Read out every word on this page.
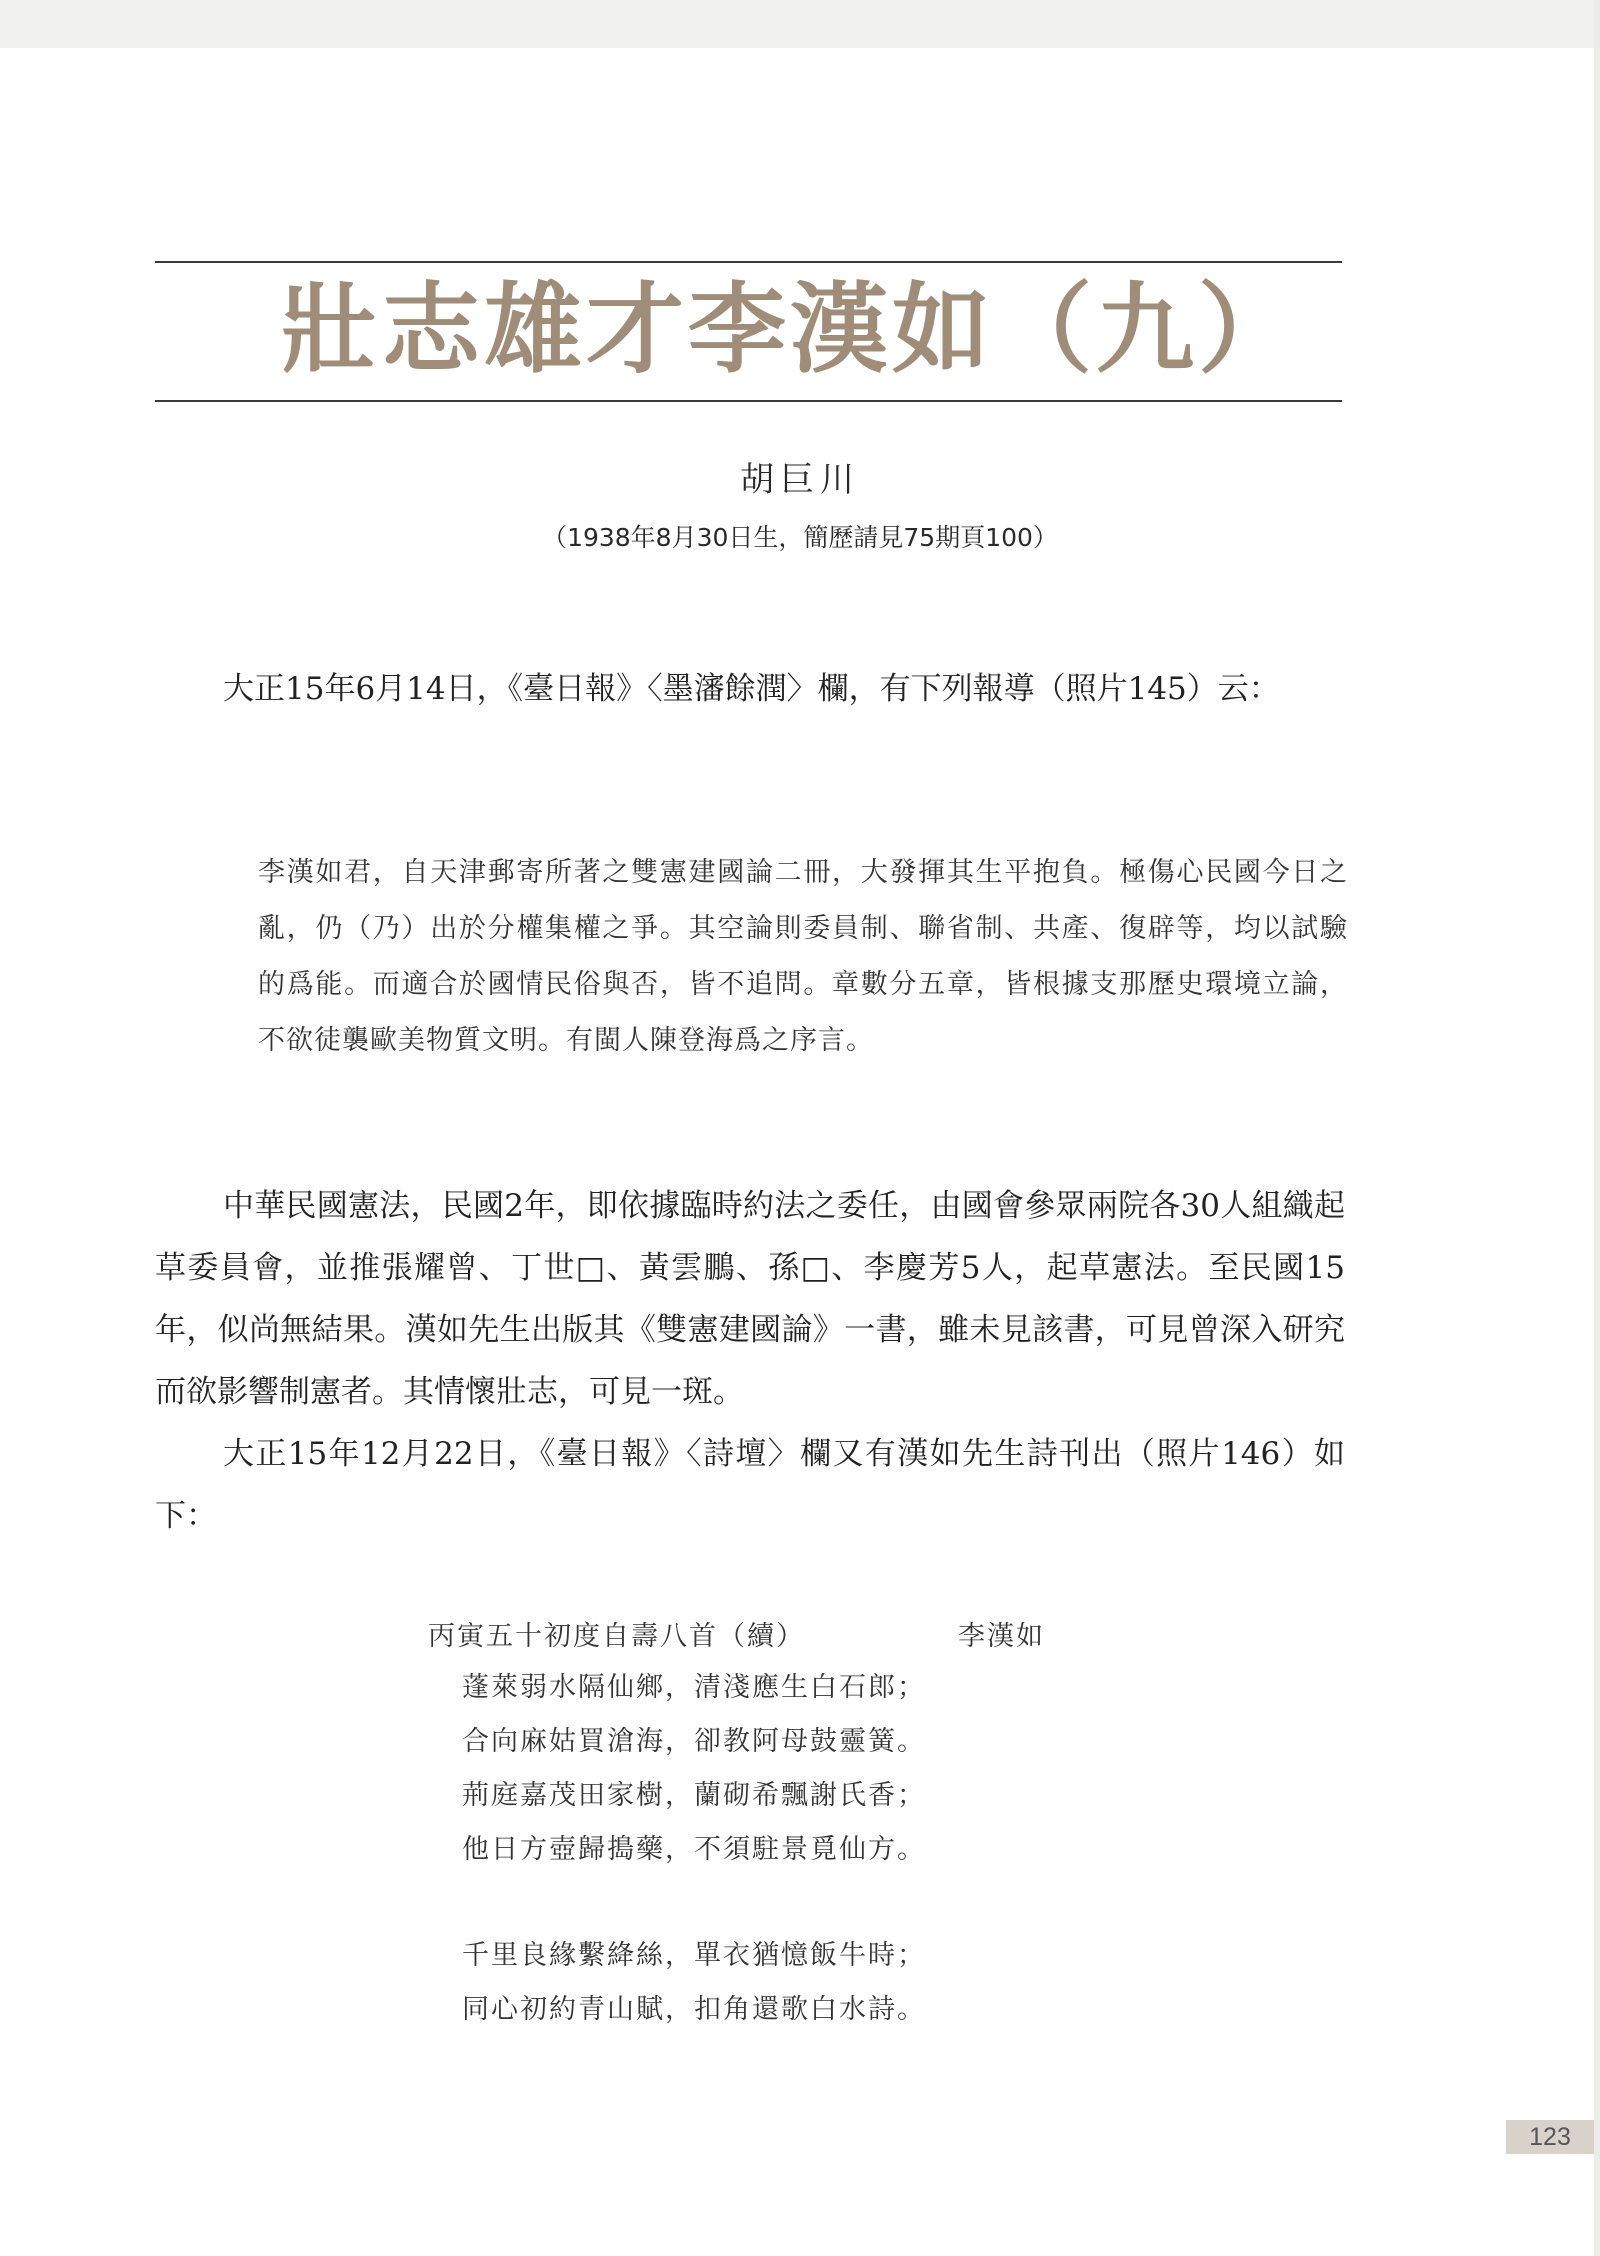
壯志雄才李漢如（九）
胡巨川
（1938年8月30日生，簡歷請見75期頁100）

大正15年6月14日，《臺日報》〈墨瀋餘潤〉欄，有下列報導（照片145）云：

李漢如君，自天津郵寄所著之雙憲建國論二冊，大發揮其生平抱負。極傷心民國今日之亂，仍（乃）出於分權集權之爭。其空論則委員制、聯省制、共產、復辟等，均以試驗的爲能。而適合於國情民俗與否，皆不追問。章數分五章，皆根據支那歷史環境立論，不欲徒襲歐美物質文明。有閩人陳登海爲之序言。

中華民國憲法，民國2年，即依據臨時約法之委任，由國會參眾兩院各30人組織起草委員會，並推張耀曾、丁世□、黃雲鵬、孫□、李慶芳5人，起草憲法。至民國15年，似尚無結果。漢如先生出版其《雙憲建國論》一書，雖未見該書，可見曾深入研究而欲影響制憲者。其情懷壯志，可見一斑。

大正15年12月22日，《臺日報》〈詩壇〉欄又有漢如先生詩刊出（照片146）如下：

丙寅五十初度自壽八首（續）	李漢如
蓬萊弱水隔仙鄉，清淺應生白石郎；
合向麻姑買滄海，卻教阿母鼓靈簧。
荊庭嘉茂田家樹，蘭砌希飄謝氏香；
他日方壺歸搗藥，不須駐景覓仙方。
千里良緣繫絳絲，單衣猶憶飯牛時；
同心初約青山賦，扣角還歌白水詩。
123
